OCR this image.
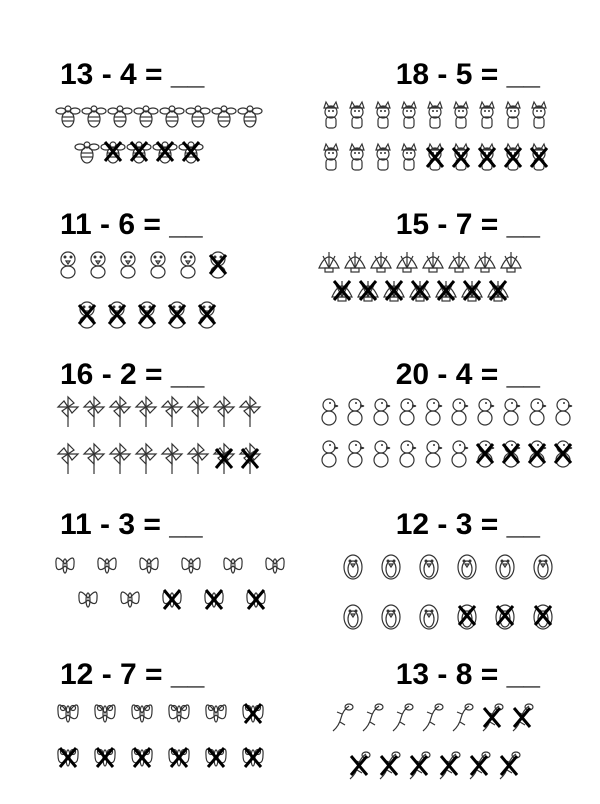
13 - 4 = __
11 - 6 = __
16 - 2 = __
11 - 3 = __
12 - 7 = __
18 - 5 = __
15 - 7 = __
20 - 4 = __
12 - 3 = __
13 - 8 = __
